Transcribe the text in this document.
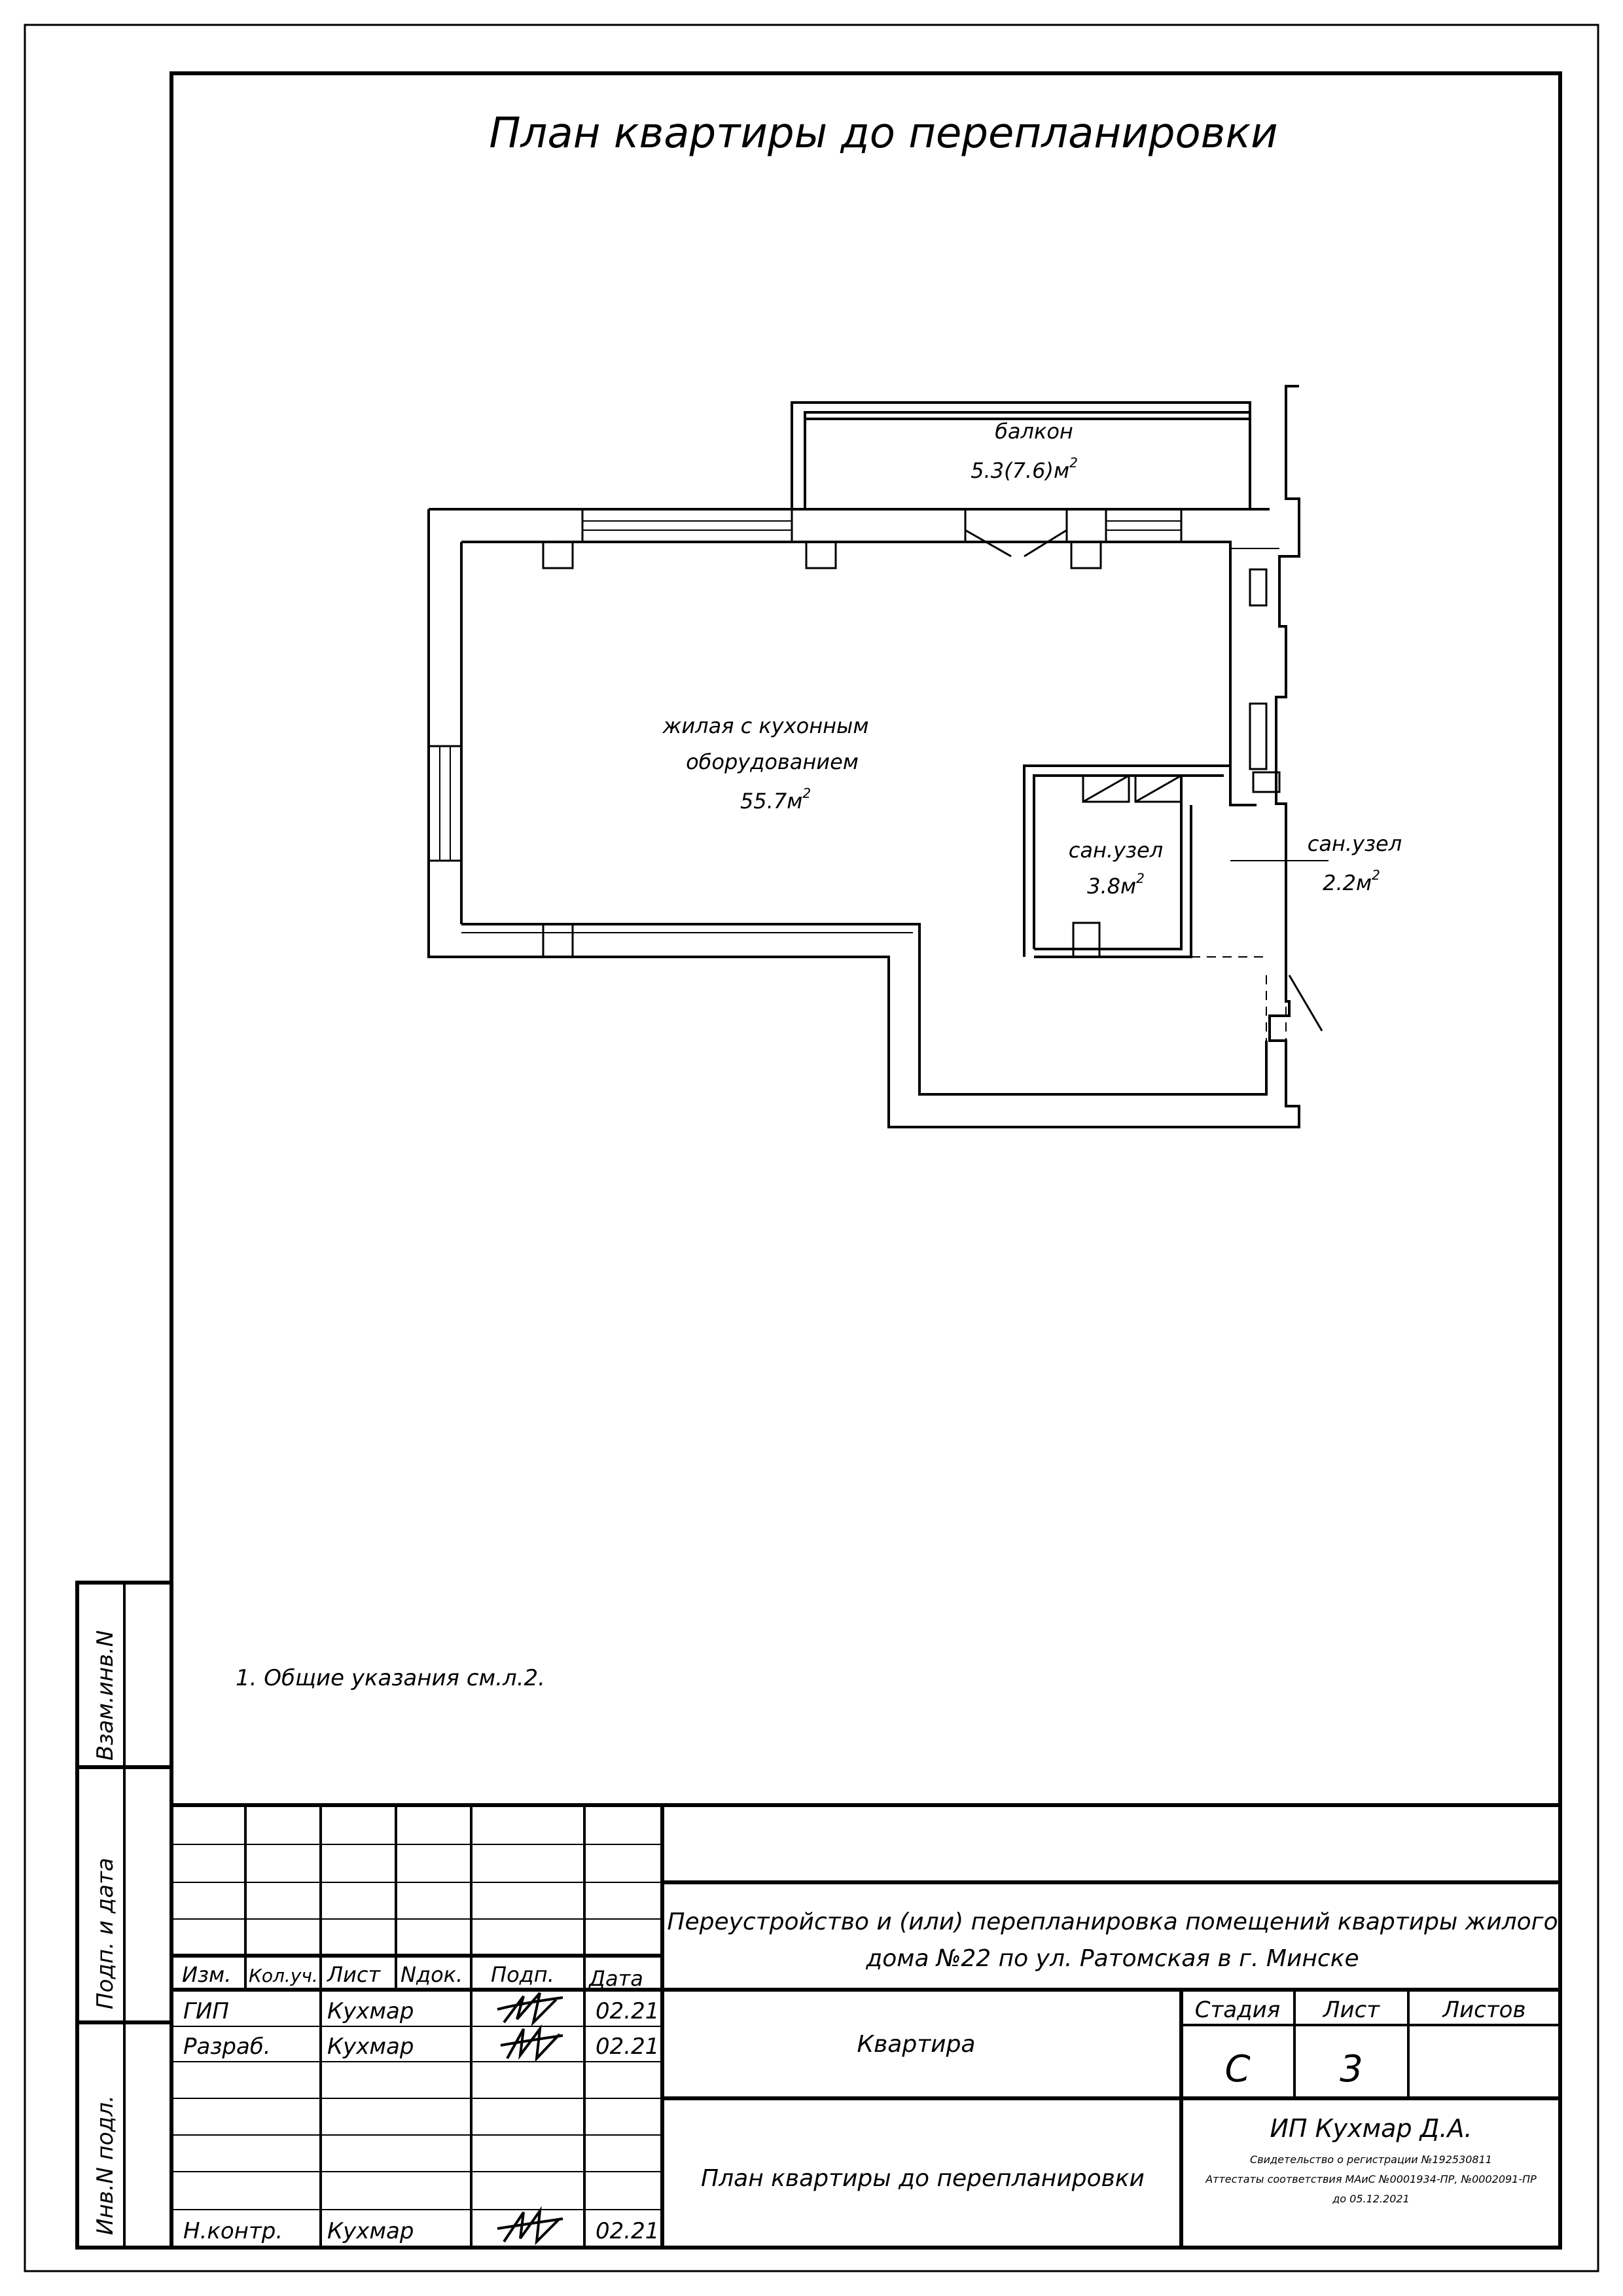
План квартиры до перепланировки
балкон
$5.3(7.6)м^2$
жилая с кухонным
оборудованием
$55.7м^2$
сан.узел
$3.8м^2$
сан.узел
$2.2м^2$
1. Общие указания см.л.2.
Взам.инв.N
Подп. и дата
Инв.N подл.
Изм. Кол.уч. Лист Nдок. Подп. Дата
ГИП	Кухмар	02.21
Разраб.	Кухмар	02.21
Н.контр. Кухмар	02.21
Переустройство и (или) перепланировка помещений квартиры жилого
дома №22 по ул. Ратомская в г. Минске
Квартира
Стадия Лист	Листов
С 3
План квартиры до перепланировки
ИП Кухмар Д.А.
Свидетельство о регистрации №192530811
Аттестаты соответствия МАиС №0001934-ПР, №0002091-ПР
до 05.12.2021
